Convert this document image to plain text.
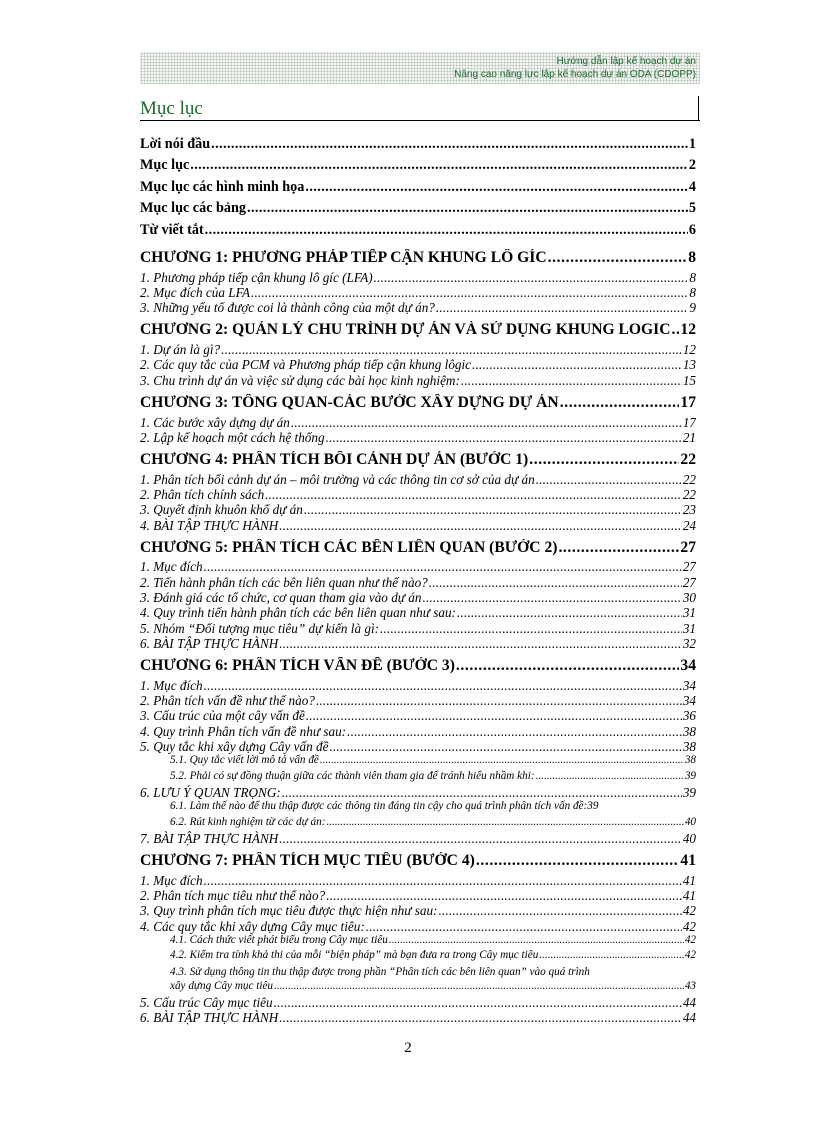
Hướng dẫn lập kế hoạch dự án
Nâng cao năng lực lập kế hoạch dự án ODA (CDOPP)
Mục lục
Lời nói đầu .....	1
Mục lục .....	2
Mục lục các hình minh họa .....	4
Mục lục các bảng .....	5
Từ viết tắt .....	6
CHƯƠNG 1: PHƯƠNG PHÁP TIẾP CẬN KHUNG LÔ GÍC .....	8
1. Phương pháp tiếp cận khung lô gíc (LFA) .....	8
2. Mục đích của LFA .....	8
3. Những yếu tố được coi là thành công của một dự án? .....	9
CHƯƠNG 2: QUẢN LÝ CHU TRÌNH DỰ ÁN VÀ SỬ DỤNG KHUNG LOGIC ..... 12
1. Dự án là gì? .....	12
2. Các quy tắc của PCM và Phương pháp tiếp cận khung lôgic .....	13
3. Chu trình dự án và việc sử dụng các bài học kinh nghiệm: .....	15
CHƯƠNG 3: TỔNG QUAN-CÁC BƯỚC XÂY DỰNG DỰ ÁN .....	17
1. Các bước xây dựng dự án .....	17
2. Lập kế hoạch một cách hệ thống .....	21
CHƯƠNG 4: PHÂN TÍCH BỐI CẢNH DỰ ÁN (BƯỚC 1) .....	22
1. Phân tích bối cảnh dự án – môi trường và các thông tin cơ sở của dự án .....	22
2. Phân tích chính sách .....	22
3. Quyết định khuôn khổ dự án .....	23
4. BÀI TẬP THỰC HÀNH .....	24
CHƯƠNG 5: PHÂN TÍCH CÁC BÊN LIÊN QUAN (BƯỚC 2) .....	27
1. Mục đích .....	27
2. Tiến hành phân tích các bên liên quan như thế nào? .....	27
3. Đánh giá các tổ chức, cơ quan tham gia vào dự án .....	30
4. Quy trình tiến hành phân tích các bên liên quan như sau: .....	31
5. Nhóm “Đối tượng mục tiêu” dự kiến là gì: .....	31
6. BÀI TẬP THỰC HÀNH .....	32
CHƯƠNG 6: PHÂN TÍCH VẤN ĐỀ (BƯỚC 3) .....	34
1. Mục đích .....	34
2. Phân tích vấn đề như thế nào? .....	34
3. Cấu trúc của một cây vấn đề .....	36
4. Quy trình Phân tích vấn đề như sau: .....	38
5. Quy tắc khi xây dựng Cây vấn đề .....	38
5.1. Quy tắc viết lời mô tả vấn đề .....	38
5.2. Phải có sự đồng thuận giữa các thành viên tham gia để tránh hiểu nhầm khi: .....	39
6. LƯU Ý QUAN TRỌNG: .....	39
6.1. Làm thế nào để thu thập được các thông tin đáng tin cậy cho quá trình phân tích vấn đề: 39
6.2. Rút kinh nghiệm từ các dự án: .....	40
7. BÀI TẬP THỰC HÀNH .....	40
CHƯƠNG 7: PHÂN TÍCH MỤC TIÊU (BƯỚC 4) .....	41
1. Mục đích .....	41
2. Phân tích mục tiêu như thế nào? .....	41
3. Quy trình phân tích mục tiêu được thực hiện như sau: .....	42
4. Các quy tắc khi xây dựng Cây mục tiêu: .....	42
4.1. Cách thức viết phát biểu trong Cây mục tiêu .....	42
4.2. Kiểm tra tính khả thi của mỗi “biện pháp” mà bạn đưa ra trong Cây mục tiêu .....	42
4.3. Sử dụng thông tin thu thập được trong phần “Phân tích các bên liên quan” vào quá trình
xây dựng Cây mục tiêu .....	43
5. Cấu trúc Cây mục tiêu .....	44
6. BÀI TẬP THỰC HÀNH .....	44
2
